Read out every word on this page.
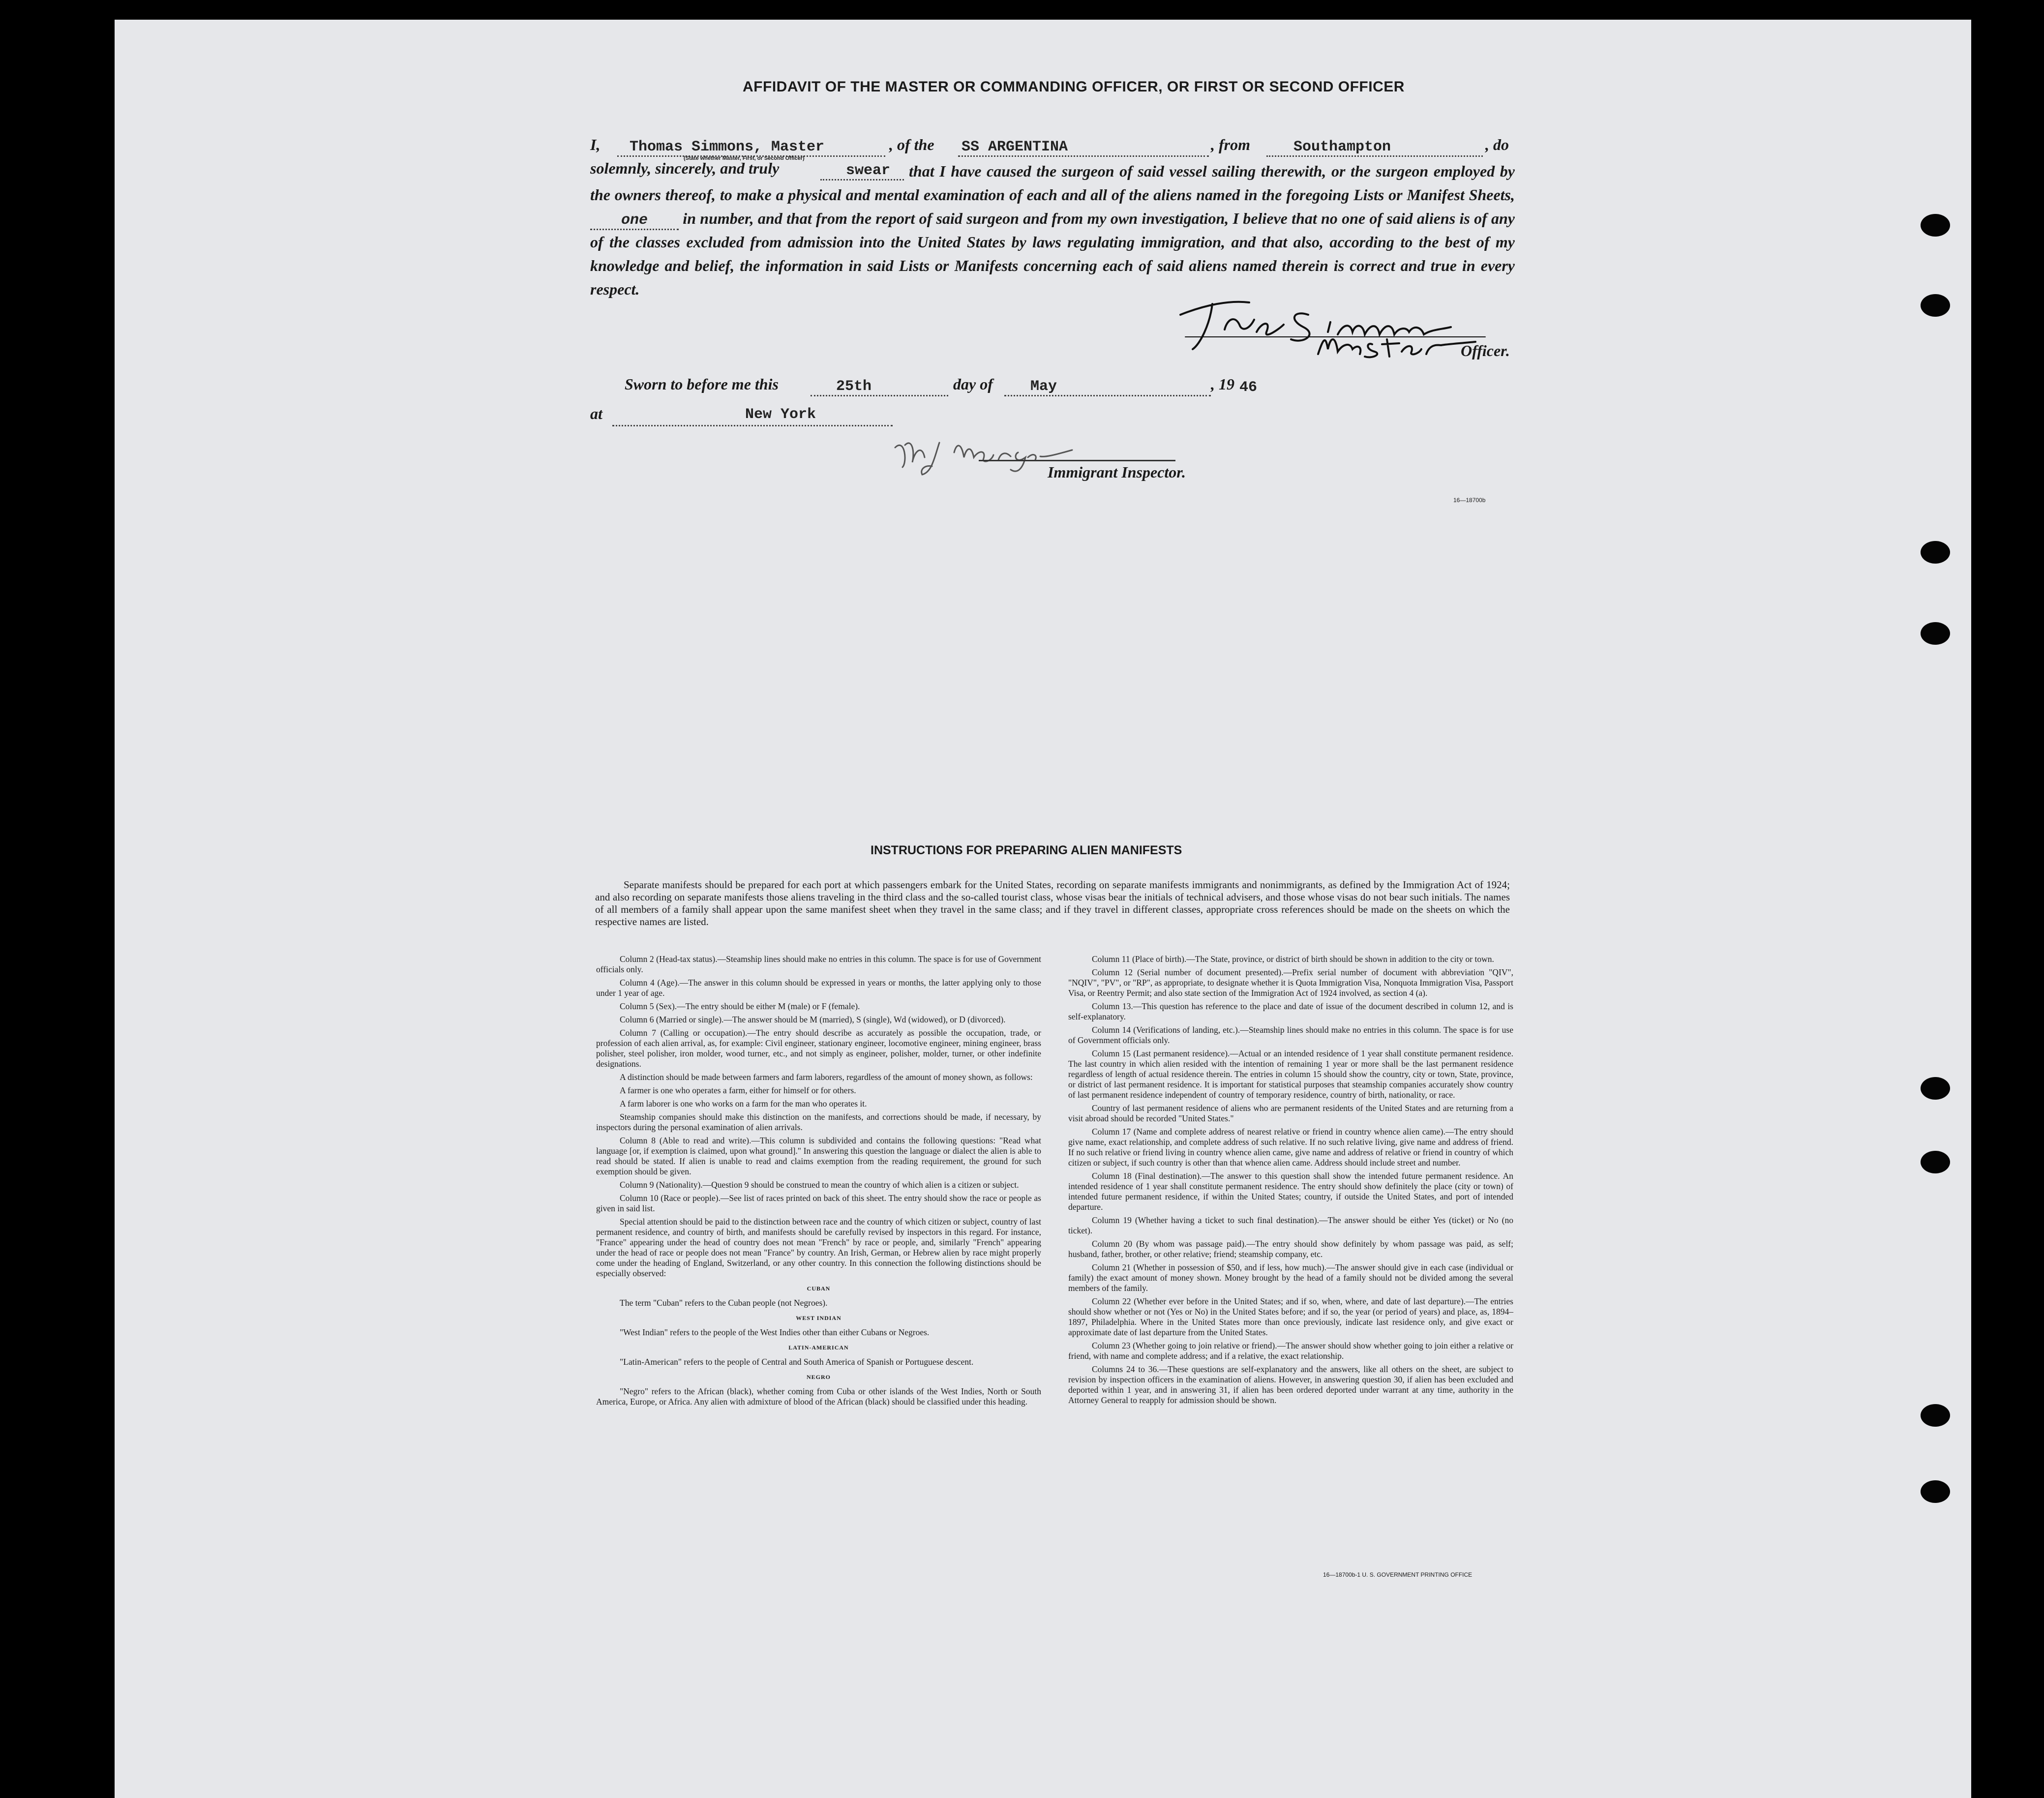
AFFIDAVIT OF THE MASTER OR COMMANDING OFFICER, OR FIRST OR SECOND OFFICER
I, Thomas Simmons, Master
(State whether Master, First, or Second Officer)
, of the SS ARGENTINA	, from	Southampton	, do
solemnly, sincerely, and truly	swear	that I have caused the surgeon of said vessel sailing therewith, or the surgeon employed by the owners thereof, to make a physical and mental examination of each and all of the aliens named in the foregoing Lists or Manifest Sheets, one in number, and that from the report of said surgeon and from my own investigation, I believe that no one of said aliens is of any of the classes excluded from admission into the United States by laws regulating immigration, and that also, according to the best of my knowledge and belief, the information in said Lists or Manifests concerning each of said aliens named therein is correct and true in every respect.
Officer.
Sworn to before me this	25th	day of	May	, 19 46
at	New York
Immigrant Inspector.
16—18700b
INSTRUCTIONS FOR PREPARING ALIEN MANIFESTS

Separate manifests should be prepared for each port at which passengers embark for the United States, recording on separate manifests immigrants and nonimmigrants, as defined by the Immigration Act of 1924; and also recording on separate manifests those aliens traveling in the third class and the so-called tourist class, whose visas bear the initials of technical advisers, and those whose visas do not bear such initials. The names of all members of a family shall appear upon the same manifest sheet when they travel in the same class; and if they travel in different classes, appropriate cross references should be made on the sheets on which the respective names are listed.

Column 2 (Head-tax status).—Steamship lines should make no entries in this column. The space is for use of Government officials only.

Column 4 (Age).—The answer in this column should be expressed in years or months, the latter applying only to those under 1 year of age.

Column 5 (Sex).—The entry should be either M (male) or F (female).

Column 6 (Married or single).—The answer should be M (married), S (single), Wd (widowed), or D (divorced).

Column 7 (Calling or occupation).—The entry should describe as accurately as possible the occupation, trade, or profession of each alien arrival, as, for example: Civil engineer, stationary engineer, locomotive engineer, mining engineer, brass polisher, steel polisher, iron molder, wood turner, etc., and not simply as engineer, polisher, molder, turner, or other indefinite designations.

A distinction should be made between farmers and farm laborers, regardless of the amount of money shown, as follows:

A farmer is one who operates a farm, either for himself or for others.

A farm laborer is one who works on a farm for the man who operates it.

Steamship companies should make this distinction on the manifests, and corrections should be made, if necessary, by inspectors during the personal examination of alien arrivals.

Column 8 (Able to read and write).—This column is subdivided and contains the following questions: "Read what language [or, if exemption is claimed, upon what ground]." In answering this question the language or dialect the alien is able to read should be stated. If alien is unable to read and claims exemption from the reading requirement, the ground for such exemption should be given.

Column 9 (Nationality).—Question 9 should be construed to mean the country of which alien is a citizen or subject.

Column 10 (Race or people).—See list of races printed on back of this sheet. The entry should show the race or people as given in said list.

Special attention should be paid to the distinction between race and the country of which citizen or subject, country of last permanent residence, and country of birth, and manifests should be carefully revised by inspectors in this regard. For instance, "France" appearing under the head of country does not mean "French" by race or people, and, similarly "French" appearing under the head of race or people does not mean "France" by country. An Irish, German, or Hebrew alien by race might properly come under the heading of England, Switzerland, or any other country. In this connection the following distinctions should be especially observed:

CUBAN

The term "Cuban" refers to the Cuban people (not Negroes).

WEST INDIAN

"West Indian" refers to the people of the West Indies other than either Cubans or Negroes.

LATIN-AMERICAN

"Latin-American" refers to the people of Central and South America of Spanish or Portuguese descent.

NEGRO

"Negro" refers to the African (black), whether coming from Cuba or other islands of the West Indies, North or South America, Europe, or Africa. Any alien with admixture of blood of the African (black) should be classified under this heading.

Column 11 (Place of birth).—The State, province, or district of birth should be shown in addition to the city or town.

Column 12 (Serial number of document presented).—Prefix serial number of document with abbreviation "QIV", "NQIV", "PV", or "RP", as appropriate, to designate whether it is Quota Immigration Visa, Nonquota Immigration Visa, Passport Visa, or Reentry Permit; and also state section of the Immigration Act of 1924 involved, as section 4 (a).

Column 13.—This question has reference to the place and date of issue of the document described in column 12, and is self-explanatory.

Column 14 (Verifications of landing, etc.).—Steamship lines should make no entries in this column. The space is for use of Government officials only.

Column 15 (Last permanent residence).—Actual or an intended residence of 1 year shall constitute permanent residence. The last country in which alien resided with the intention of remaining 1 year or more shall be the last permanent residence regardless of length of actual residence therein. The entries in column 15 should show the country, city or town, State, province, or district of last permanent residence. It is important for statistical purposes that steamship companies accurately show country of last permanent residence independent of country of temporary residence, country of birth, nationality, or race.

Country of last permanent residence of aliens who are permanent residents of the United States and are returning from a visit abroad should be recorded "United States."

Column 17 (Name and complete address of nearest relative or friend in country whence alien came).—The entry should give name, exact relationship, and complete address of such relative. If no such relative living, give name and address of friend. If no such relative or friend living in country whence alien came, give name and address of relative or friend in country of which citizen or subject, if such country is other than that whence alien came. Address should include street and number.

Column 18 (Final destination).—The answer to this question shall show the intended future permanent residence. An intended residence of 1 year shall constitute permanent residence. The entry should show definitely the place (city or town) of intended future permanent residence, if within the United States; country, if outside the United States, and port of intended departure.

Column 19 (Whether having a ticket to such final destination).—The answer should be either Yes (ticket) or No (no ticket).

Column 20 (By whom was passage paid).—The entry should show definitely by whom passage was paid, as self; husband, father, brother, or other relative; friend; steamship company, etc.

Column 21 (Whether in possession of $50, and if less, how much).—The answer should give in each case (individual or family) the exact amount of money shown. Money brought by the head of a family should not be divided among the several members of the family.

Column 22 (Whether ever before in the United States; and if so, when, where, and date of last departure).—The entries should show whether or not (Yes or No) in the United States before; and if so, the year (or period of years) and place, as, 1894–1897, Philadelphia. Where in the United States more than once previously, indicate last residence only, and give exact or approximate date of last departure from the United States.

Column 23 (Whether going to join relative or friend).—The answer should show whether going to join either a relative or friend, with name and complete address; and if a relative, the exact relationship.

Columns 24 to 36.—These questions are self-explanatory and the answers, like all others on the sheet, are subject to revision by inspection officers in the examination of aliens. However, in answering question 30, if alien has been excluded and deported within 1 year, and in answering 31, if alien has been ordered deported under warrant at any time, authority in the Attorney General to reapply for admission should be shown.

16—18700b-1 U. S. GOVERNMENT PRINTING OFFICE
